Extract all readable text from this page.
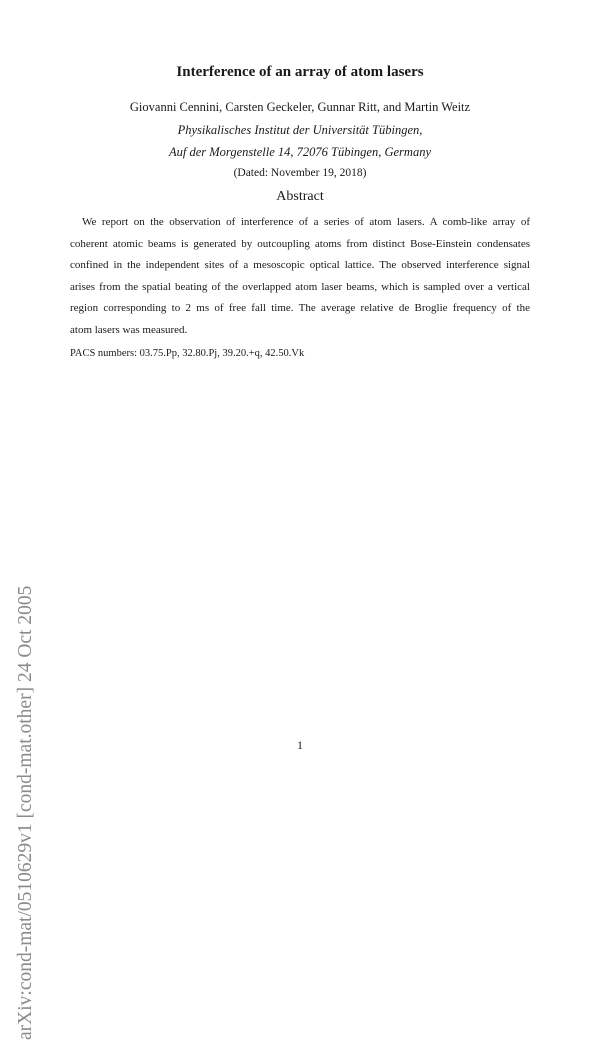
arXiv:cond-mat/0510629v1 [cond-mat.other] 24 Oct 2005
Interference of an array of atom lasers
Giovanni Cennini, Carsten Geckeler, Gunnar Ritt, and Martin Weitz
Physikalisches Institut der Universität Tübingen,
Auf der Morgenstelle 14, 72076 Tübingen, Germany
(Dated: November 19, 2018)
Abstract
We report on the observation of interference of a series of atom lasers. A comb-like array of
coherent atomic beams is generated by outcoupling atoms from distinct Bose-Einstein condensates
confined in the independent sites of a mesoscopic optical lattice. The observed interference signal
arises from the spatial beating of the overlapped atom laser beams, which is sampled over a vertical
region corresponding to 2 ms of free fall time. The average relative de Broglie frequency of the
atom lasers was measured.
PACS numbers: 03.75.Pp, 32.80.Pj, 39.20.+q, 42.50.Vk
1
